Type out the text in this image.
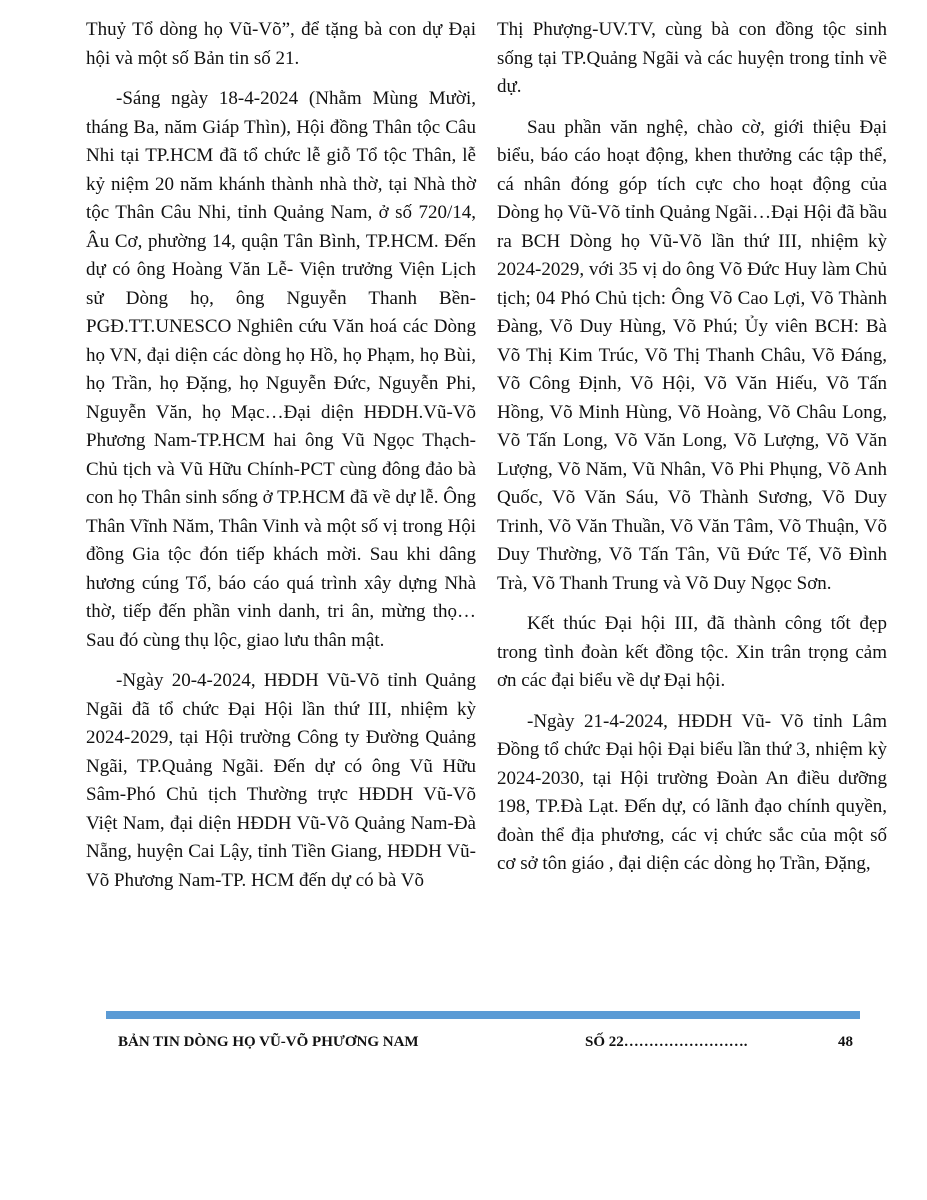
Thuỷ Tổ dòng họ Vũ-Võ”, để tặng bà con dự Đại hội và một số Bản tin số 21.

-Sáng ngày 18-4-2024 (Nhằm Mùng Mười, tháng Ba, năm Giáp Thìn), Hội đồng Thân tộc Câu Nhi tại TP.HCM đã tổ chức lễ giỗ Tổ tộc Thân, lễ kỷ niệm 20 năm khánh thành nhà thờ, tại Nhà thờ tộc Thân Câu Nhi, tỉnh Quảng Nam, ở số 720/14, Âu Cơ, phường 14, quận Tân Bình, TP.HCM. Đến dự có ông Hoàng Văn Lễ- Viện trưởng Viện Lịch sử Dòng họ, ông Nguyễn Thanh Bền-PGĐ.TT.UNESCO Nghiên cứu Văn hoá các Dòng họ VN, đại diện các dòng họ Hồ, họ Phạm, họ Bùi, họ Trần, họ Đặng, họ Nguyễn Đức, Nguyễn Phi, Nguyễn Văn, họ Mạc…Đại diện HĐDH.Vũ-Võ Phương Nam-TP.HCM hai ông Vũ Ngọc Thạch-Chủ tịch và Vũ Hữu Chính-PCT cùng đông đảo bà con họ Thân sinh sống ở TP.HCM đã về dự lễ. Ông Thân Vĩnh Năm, Thân Vinh và một số vị trong Hội đồng Gia tộc đón tiếp khách mời. Sau khi dâng hương cúng Tổ, báo cáo quá trình xây dựng Nhà thờ, tiếp đến phần vinh danh, tri ân, mừng thọ…Sau đó cùng thụ lộc, giao lưu thân mật.

-Ngày 20-4-2024, HĐDH Vũ-Võ tỉnh Quảng Ngãi đã tổ chức Đại Hội lần thứ III, nhiệm kỳ 2024-2029, tại Hội trường Công ty Đường Quảng Ngãi, TP.Quảng Ngãi. Đến dự có ông Vũ Hữu Sâm-Phó Chủ tịch Thường trực HĐDH Vũ-Võ Việt Nam, đại diện HĐDH Vũ-Võ Quảng Nam-Đà Nẵng, huyện Cai Lậy, tỉnh Tiền Giang, HĐDH Vũ-Võ Phương Nam-TP. HCM đến dự có bà Võ

Thị Phượng-UV.TV, cùng bà con đồng tộc sinh sống tại TP.Quảng Ngãi và các huyện trong tỉnh về dự.

Sau phần văn nghệ, chào cờ, giới thiệu Đại biểu, báo cáo hoạt động, khen thưởng các tập thể, cá nhân đóng góp tích cực cho hoạt động của Dòng họ Vũ-Võ tỉnh Quảng Ngãi…Đại Hội đã bầu ra BCH Dòng họ Vũ-Võ lần thứ III, nhiệm kỳ 2024-2029, với 35 vị do ông Võ Đức Huy làm Chủ tịch; 04 Phó Chủ tịch: Ông Võ Cao Lợi, Võ Thành Đàng, Võ Duy Hùng, Võ Phú; Ủy viên BCH: Bà Võ Thị Kim Trúc, Võ Thị Thanh Châu, Võ Đáng, Võ Công Định, Võ Hội, Võ Văn Hiếu, Võ Tấn Hồng, Võ Minh Hùng, Võ Hoàng, Võ Châu Long, Võ Tấn Long, Võ Văn Long, Võ Lượng, Võ Văn Lượng, Võ Năm, Vũ Nhân, Võ Phi Phụng, Võ Anh Quốc, Võ Văn Sáu, Võ Thành Sương, Võ Duy Trinh, Võ Văn Thuần, Võ Văn Tâm, Võ Thuận, Võ Duy Thường, Võ Tấn Tân, Vũ Đức Tế, Võ Đình Trà, Võ Thanh Trung và Võ Duy Ngọc Sơn.

Kết thúc Đại hội III, đã thành công tốt đẹp trong tình đoàn kết đồng tộc. Xin trân trọng cảm ơn các đại biểu về dự Đại hội.

-Ngày 21-4-2024, HĐDH Vũ- Võ tỉnh Lâm Đồng tổ chức Đại hội Đại biểu lần thứ 3, nhiệm kỳ 2024-2030, tại Hội trường Đoàn An điều dưỡng 198, TP.Đà Lạt. Đến dự, có lãnh đạo chính quyền, đoàn thể địa phương, các vị chức sắc của một số cơ sở tôn giáo , đại diện các dòng họ Trần, Đặng,

BẢN TIN DÒNG HỌ VŨ-VÕ PHƯƠNG NAM	SỐ 22…………………….	48
